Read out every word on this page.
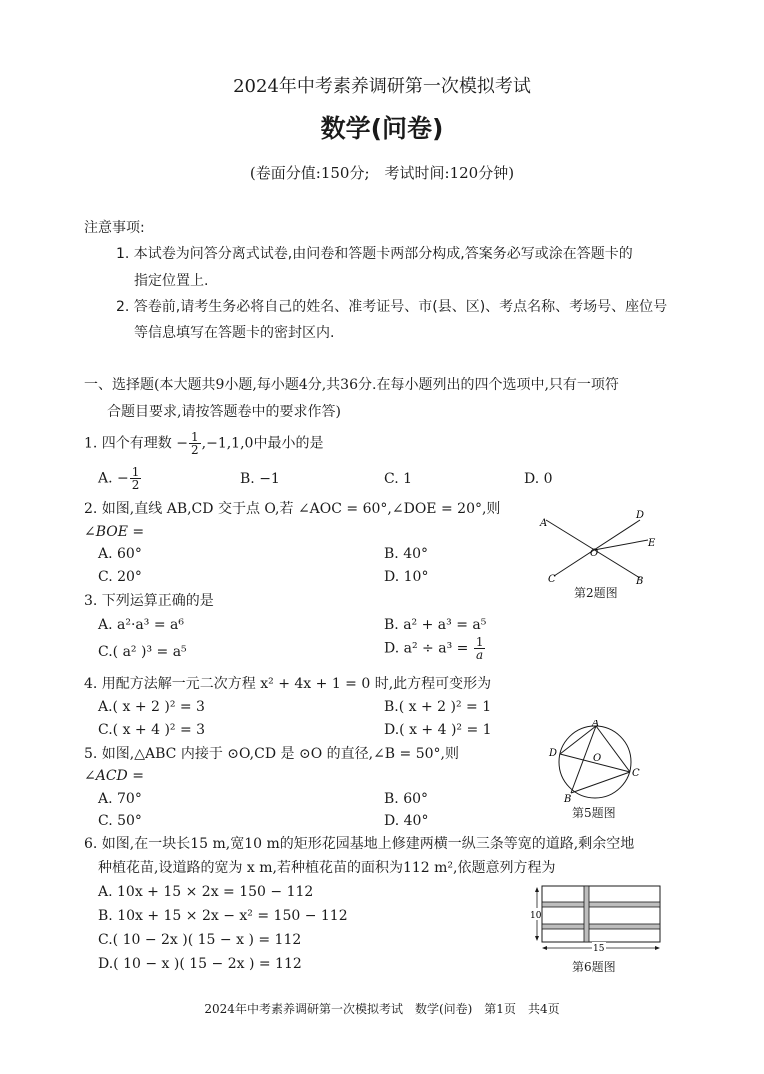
2024年中考素养调研第一次模拟考试
数学(问卷)
(卷面分值:150分;　考试时间:120分钟)
注意事项:
1. 本试卷为问答分离式试卷,由问卷和答题卡两部分构成,答案务必写或涂在答题卡的
指定位置上.
2. 答卷前,请考生务必将自己的姓名、准考证号、市(县、区)、考点名称、考场号、座位号
等信息填写在答题卡的密封区内.
一、选择题(本大题共9小题,每小题4分,共36分.在每小题列出的四个选项中,只有一项符
合题目要求,请按答题卷中的要求作答)
1. 四个有理数 − $\frac{1}{2} ,-1,1,0$中最小的是
A. − $\frac{1}{2}$	B. −1	C. 1	D. 0
2. 如图,直线 AB,CD 交于点 O,若 ∠AOC = 60°,∠DOE = 20°,则
∠BOE =
A. 60°	B. 40°
C. 20°	D. 10°
A
D
E
O
C	B
第2题图
3. 下列运算正确的是
A. a²·a³ = a⁶	B. a² + a³ = a⁵
C.( a² )³ = a⁵	D. $a^2 \div a^3 = \frac{1}{a}$
4. 用配方法解一元二次方程 x² + 4x + 1 = 0 时,此方程可变形为
A.( x + 2 )² = 3	B.( x + 2 )² = 1
C.( x + 4 )² = 3	D.( x + 4 )² = 1
5. 如图,△ABC 内接于 ⊙O,CD 是 ⊙O 的直径,∠B = 50°,则
∠ACD =
A. 70°	B. 60°
C. 50°	D. 40°
A
D	O
C
B
第5题图
6. 如图,在一块长15 m,宽10 m的矩形花园基地上修建两横一纵三条等宽的道路,剩余空地
种植花苗,设道路的宽为 x m,若种植花苗的面积为112 m²,依题意列方程为
A. 10x + 15 × 2x = 150 − 112
B. 10x + 15 × 2x − x² = 150 − 112
C.( 10 − 2x )( 15 − x ) = 112
D.( 10 − x )( 15 − 2x ) = 112
10
15
第6题图
2024年中考素养调研第一次模拟考试　数学(问卷)　第1页　共4页
